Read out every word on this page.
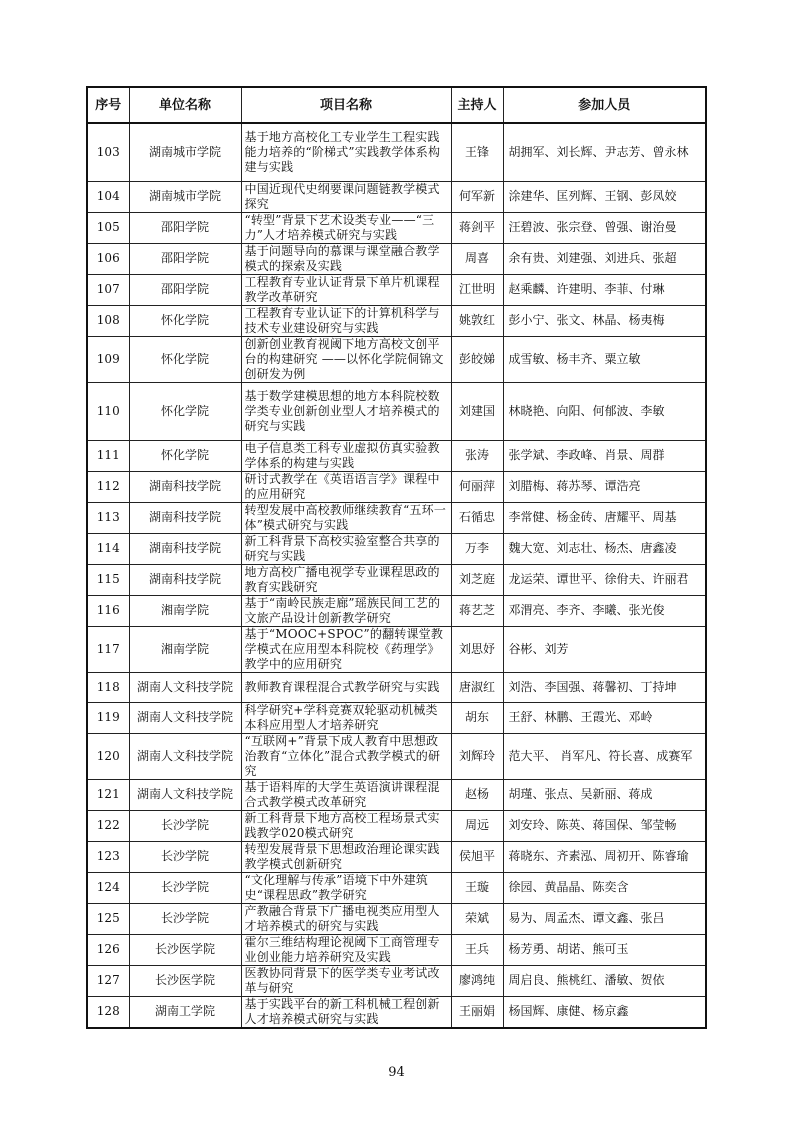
序号	单位名称	项目名称	主持人	参加人员
103	湖南城市学院	基于地方高校化工专业学生工程实践能力培养的“阶梯式”实践教学体系构建与实践	王锋	胡拥军、刘长辉、尹志芳、曾永林
104	湖南城市学院	中国近现代史纲要课问题链教学模式探究	何军新	涂建华、匡列辉、王钢、彭凤姣
105	邵阳学院	“转型”背景下艺术设类专业——“三力”人才培养模式研究与实践	蒋剑平	汪碧波、张宗登、曾强、谢治曼
106	邵阳学院	基于问题导向的慕课与课堂融合教学模式的探索及实践	周喜	余有贵、刘建强、刘进兵、张超
107	邵阳学院	工程教育专业认证背景下单片机课程教学改革研究	江世明	赵乘麟、许建明、李菲、付琳
108	怀化学院	工程教育专业认证下的计算机科学与技术专业建设研究与实践	姚敦红	彭小宁、张文、林晶、杨夷梅
109	怀化学院	创新创业教育视阈下地方高校文创平台的构建研究 ——以怀化学院侗锦文创研发为例	彭皎娣	成雪敏、杨丰齐、粟立敏
110	怀化学院	基于数学建模思想的地方本科院校数学类专业创新创业型人才培养模式的研究与实践	刘建国	林晓艳、向阳、何郁波、李敏
111	怀化学院	电子信息类工科专业虚拟仿真实验教学体系的构建与实践	张涛	张学斌、李政峰、肖景、周群
112	湖南科技学院	研讨式教学在《英语语言学》课程中的应用研究	何丽萍	刘腊梅、蒋苏琴、谭浩亮
113	湖南科技学院	转型发展中高校教师继续教育“五环一体”模式研究与实践	石循忠	李常健、杨金砖、唐耀平、周基
114	湖南科技学院	新工科背景下高校实验室整合共享的研究与实践	万李	魏大宽、刘志壮、杨杰、唐鑫凌
115	湖南科技学院	地方高校广播电视学专业课程思政的教育实践研究	刘芝庭	龙运荣、谭世平、徐佾夫、许丽君
116	湘南学院	基于“南岭民族走廊”瑶族民间工艺的文旅产品设计创新教学研究	蒋艺芝	邓渭亮、李齐、李曦、张光俊
117	湘南学院	基于“MOOC+SPOC”的翻转课堂教学模式在应用型本科院校《药理学》教学中的应用研究	刘思妤	谷彬、刘芳
118	湖南人文科技学院	教师教育课程混合式教学研究与实践	唐淑红	刘浩、李国强、蒋馨初、丁持坤
119	湖南人文科技学院	科学研究+学科竞赛双轮驱动机械类本科应用型人才培养研究	胡东	王舒、林鹏、王霞光、邓岭
120	湖南人文科技学院	“互联网+”背景下成人教育中思想政治教育“立体化”混合式教学模式的研究	刘辉玲	范大平、 肖军凡、符长喜、成赛军
121	湖南人文科技学院	基于语料库的大学生英语演讲课程混合式教学模式改革研究	赵杨	胡瑾、张点、吴新丽、蒋成
122	长沙学院	新工科背景下地方高校工程场景式实践教学020模式研究	周远	刘安玲、陈英、蒋国保、邹莹畅
123	长沙学院	转型发展背景下思想政治理论课实践教学模式创新研究	侯旭平	蒋晓东、齐素泓、周初开、陈睿瑜
124	长沙学院	“文化理解与传承”语境下中外建筑史“课程思政”教学研究	王璇	徐园、黄晶晶、陈奕含
125	长沙学院	产教融合背景下广播电视类应用型人才培养模式的研究与实践	荣斌	易为、周孟杰、谭文鑫、张吕
126	长沙医学院	霍尔三维结构理论视阈下工商管理专业创业能力培养研究及实践	王兵	杨芳勇、胡诺、熊可玉
127	长沙医学院	医教协同背景下的医学类专业考试改革与研究	廖鸿纯	周启良、熊桃红、潘敏、贺依
128	湖南工学院	基于实践平台的新工科机械工程创新人才培养模式研究与实践	王丽娟	杨国辉、康健、杨京鑫
94
